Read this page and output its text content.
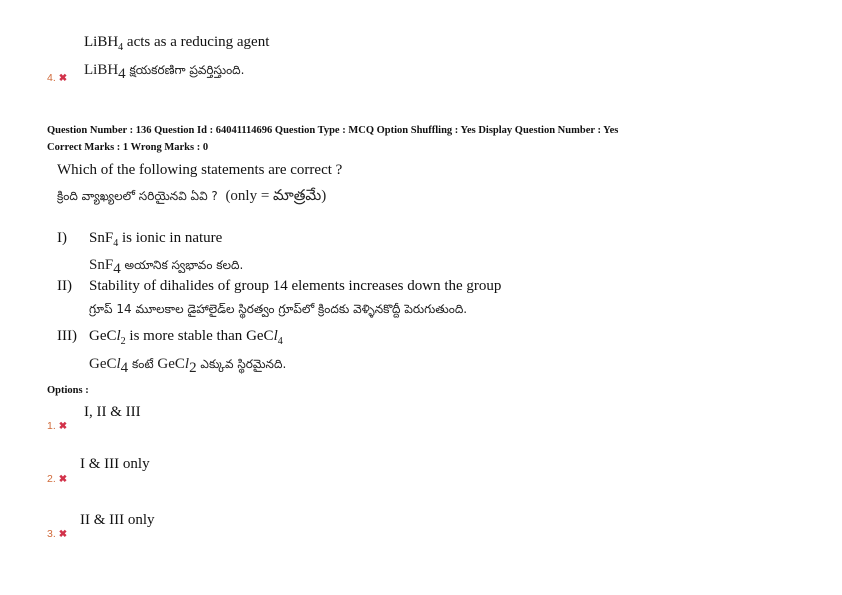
LiBH$_4$ acts as a reducing agent
LiBH$_4$ క్షయకరణిగా ప్రవర్తిస్తుంది.
4. ✖
Question Number : 136 Question Id : 64041114696 Question Type : MCQ Option Shuffling : Yes Display Question Number : Yes
Correct Marks : 1 Wrong Marks : 0
Which of the following statements are correct ?
క్రింది వ్యాఖ్యలలో సరియైనవి ఏవి ? (only = మాత్రమే)
I) SnF$_4$ is ionic in nature
SnF$_4$ అయానిక స్వభావం కలది.
II) Stability of dihalides of group 14 elements increases down the group
గ్రూప్ 14 మూలకాల డైహాలైడ్‌ల స్థిరత్వం గ్రూప్‌లో క్రిందకు వెళ్ళినకొద్దీ పెరుగుతుంది.
III) GeCl$_2$ is more stable than GeCl$_4$
GeCl$_4$ కంటే GeCl$_2$ ఎక్కువ స్థిరమైనది.
Options :
I, II & III
1. ✖
I & III only
2. ✖
II & III only
3. ✖
